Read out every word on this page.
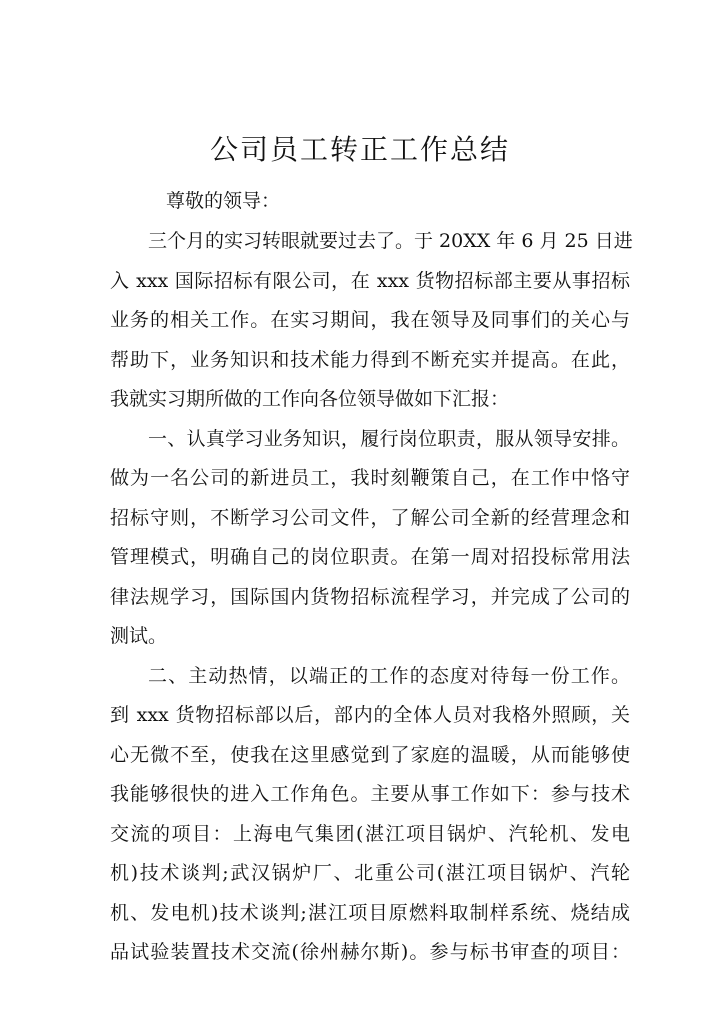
公司员工转正工作总结

尊敬的领导：

三个月的实习转眼就要过去了。于 20XX 年 6 月 25 日进
入 xxx 国际招标有限公司，在 xxx 货物招标部主要从事招标
业务的相关工作。在实习期间，我在领导及同事们的关心与
帮助下，业务知识和技术能力得到不断充实并提高。在此，
我就实习期所做的工作向各位领导做如下汇报：

一、认真学习业务知识，履行岗位职责，服从领导安排。
做为一名公司的新进员工，我时刻鞭策自己，在工作中恪守
招标守则，不断学习公司文件，了解公司全新的经营理念和
管理模式，明确自己的岗位职责。在第一周对招投标常用法
律法规学习，国际国内货物招标流程学习，并完成了公司的
测试。

二、主动热情，以端正的工作的态度对待每一份工作。
到 xxx 货物招标部以后，部内的全体人员对我格外照顾，关
心无微不至，使我在这里感觉到了家庭的温暖，从而能够使
我能够很快的进入工作角色。主要从事工作如下：参与技术
交流的项目：上海电气集团(湛江项目锅炉、汽轮机、发电
机)技术谈判;武汉锅炉厂、北重公司(湛江项目锅炉、汽轮
机、发电机)技术谈判;湛江项目原燃料取制样系统、烧结成
品试验装置技术交流(徐州赫尔斯)。参与标书审查的项目：
